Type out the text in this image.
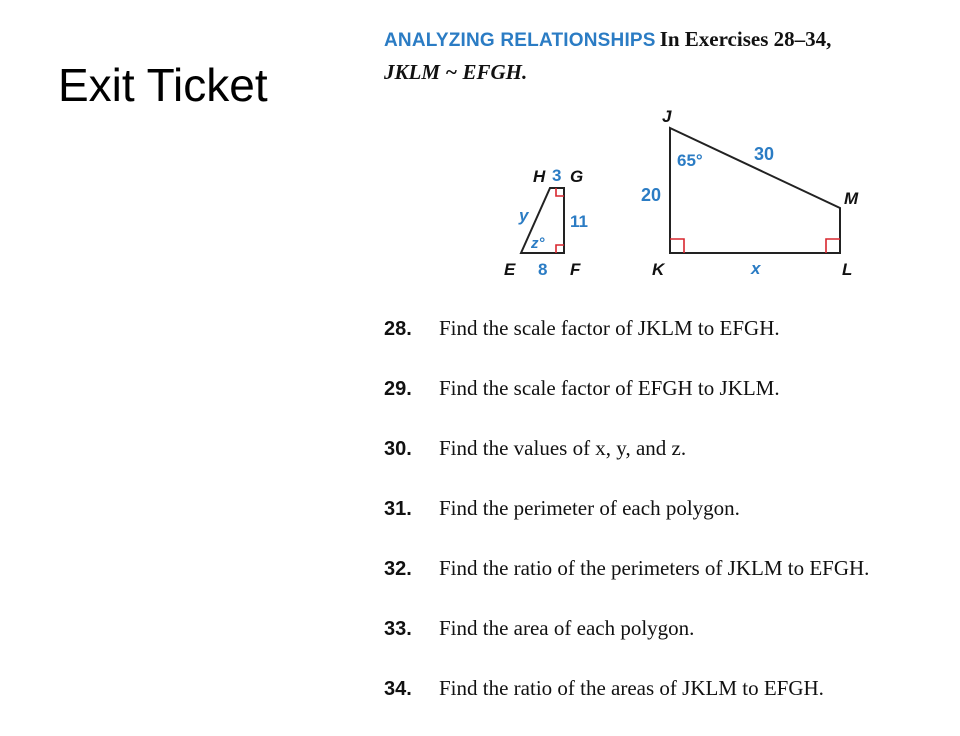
Exit Ticket
ANALYZING RELATIONSHIPS In Exercises 28–34,
JKLM ~ EFGH.
H G
E	F
3
11
8
y
z°
J
M
K	L
30
20
x
65°
28. Find the scale factor of JKLM to EFGH.
29. Find the scale factor of EFGH to JKLM.
30. Find the values of x, y, and z.
31. Find the perimeter of each polygon.
32. Find the ratio of the perimeters of JKLM to EFGH.
33. Find the area of each polygon.
34. Find the ratio of the areas of JKLM to EFGH.
